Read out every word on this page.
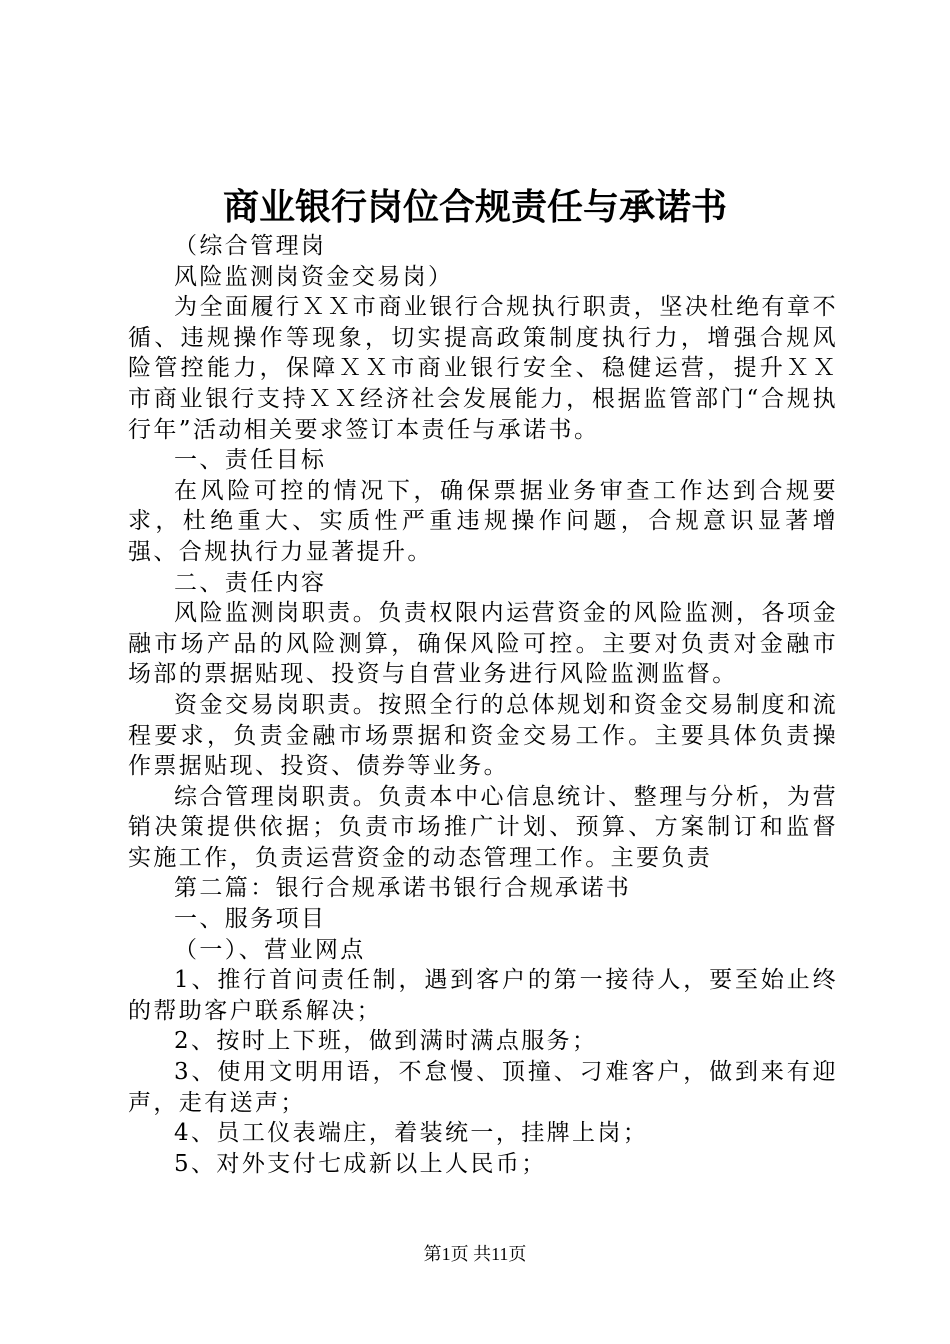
商业银行岗位合规责任与承诺书

（综合管理岗

风险监测岗资金交易岗）

为全面履行ＸＸ市商业银行合规执行职责，坚决杜绝有章不循、违规操作等现象，切实提高政策制度执行力，增强合规风险管控能力，保障ＸＸ市商业银行安全、稳健运营，提升ＸＸ市商业银行支持ＸＸ经济社会发展能力，根据监管部门“合规执行年”活动相关要求签订本责任与承诺书。

一、责任目标

在风险可控的情况下，确保票据业务审查工作达到合规要求，杜绝重大、实质性严重违规操作问题，合规意识显著增强、合规执行力显著提升。

二、责任内容

风险监测岗职责。负责权限内运营资金的风险监测，各项金融市场产品的风险测算，确保风险可控。主要对负责对金融市场部的票据贴现、投资与自营业务进行风险监测监督。

资金交易岗职责。按照全行的总体规划和资金交易制度和流程要求，负责金融市场票据和资金交易工作。主要具体负责操作票据贴现、投资、债券等业务。

综合管理岗职责。负责本中心信息统计、整理与分析，为营销决策提供依据；负责市场推广计划、预算、方案制订和监督实施工作，负责运营资金的动态管理工作。主要负责

第二篇：银行合规承诺书银行合规承诺书

一、服务项目

（一）、营业网点

1、推行首问责任制，遇到客户的第一接待人，要至始止终的帮助客户联系解决；

2、按时上下班，做到满时满点服务；

3、使用文明用语，不怠慢、顶撞、刁难客户，做到来有迎声，走有送声；

4、员工仪表端庄，着装统一，挂牌上岗；

5、对外支付七成新以上人民币；

第1页 共11页
